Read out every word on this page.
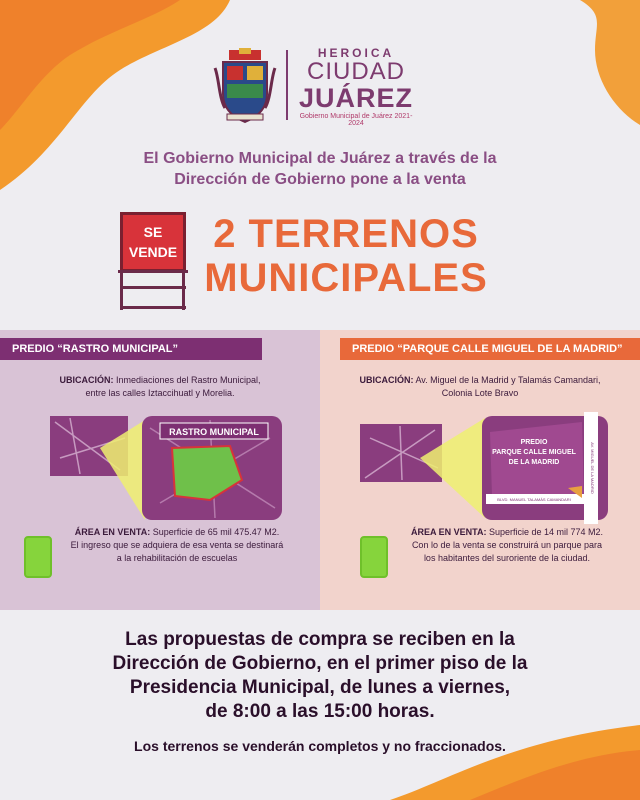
HEROICA
CIUDAD
JUÁREZ
Gobierno Municipal de Juárez 2021-2024
El Gobierno Municipal de Juárez a través de la
Dirección de Gobierno pone a la venta
SE
VENDE 2 TERRENOS
MUNICIPALES
PREDIO “RASTRO MUNICIPAL”
UBICACIÓN: Inmediaciones del Rastro Municipal,
entre las calles Iztaccihuatl y Morelia.
RASTRO MUNICIPAL
ÁREA EN VENTA: Superficie de 65 mil 475.47 M2.
El ingreso que se adquiera de esa venta se destinará
a la rehabilitación de escuelas
PREDIO “PARQUE CALLE MIGUEL DE LA MADRID”
UBICACIÓN: Av. Miguel de la Madrid y Talamás Camandari,
Colonia Lote Bravo
PREDIO
PARQUE CALLE MIGUEL
DE LA MADRID
BLVD. MANUEL TALAMÁS CAMANDARI
AV. MIGUEL DE LA MADRID
ÁREA EN VENTA: Superficie de 14 mil 774 M2.
Con lo de la venta se construirá un parque para
los habitantes del suroriente de la ciudad.
Las propuestas de compra se reciben en la
Dirección de Gobierno, en el primer piso de la
Presidencia Municipal, de lunes a viernes,
de 8:00 a las 15:00 horas.
Los terrenos se venderán completos y no fraccionados.
